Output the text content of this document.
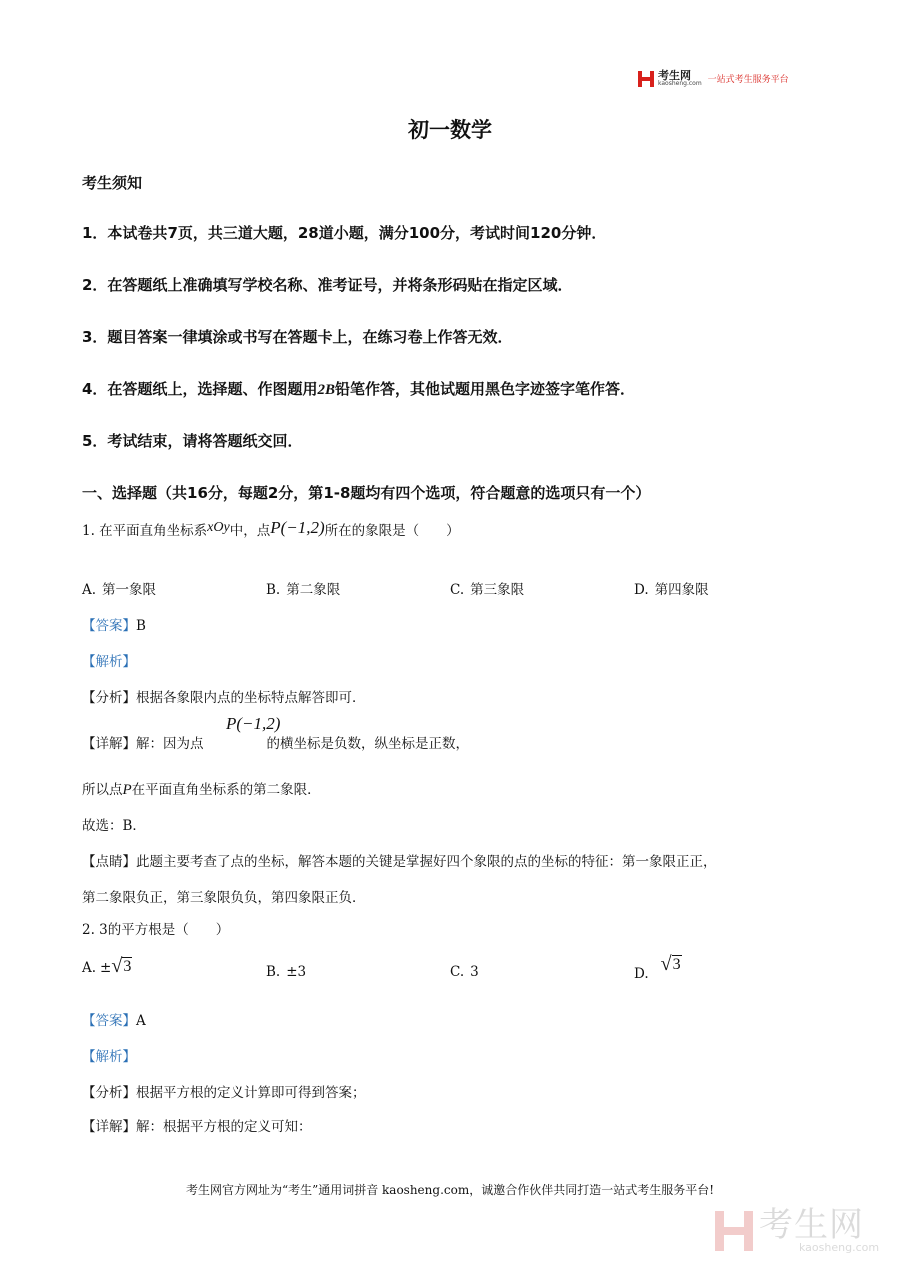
考生网
kaosheng.com 一站式考生服务平台
初一数学
考生须知
1．本试卷共7页，共三道大题，28道小题，满分100分，考试时间120分钟．
2．在答题纸上准确填写学校名称、准考证号，并将条形码贴在指定区域．
3．题目答案一律填涂或书写在答题卡上，在练习卷上作答无效．
4．在答题纸上，选择题、作图题用2B铅笔作答，其他试题用黑色字迹签字笔作答．
5．考试结束，请将答题纸交回．
一、选择题（共16分，每题2分，第1-8题均有四个选项，符合题意的选项只有一个）
1. 在平面直角坐标系xOy中，点P(−1,2)所在的象限是（　　）
A. 第一象限	B. 第二象限	C. 第三象限	D. 第四象限
【答案】B
【解析】
【分析】根据各象限内点的坐标特点解答即可．
P(−1,2)
【详解】解：因为点	的横坐标是负数，纵坐标是正数，
所以点P在平面直角坐标系的第二象限．
故选：B．
【点睛】此题主要考查了点的坐标，解答本题的关键是掌握好四个象限的点的坐标的特征：第一象限正正，
第二象限负正，第三象限负负，第四象限正负．
2. 3的平方根是（　　）
A. ± √ 3	B. ±3	C. 3	D. √ 3
【答案】A
【解析】
【分析】根据平方根的定义计算即可得到答案；
【详解】解：根据平方根的定义可知：
考生网官方网址为“考生”通用词拼音 kaosheng.com，诚邀合作伙伴共同打造一站式考生服务平台!
考生网
kaosheng.com
